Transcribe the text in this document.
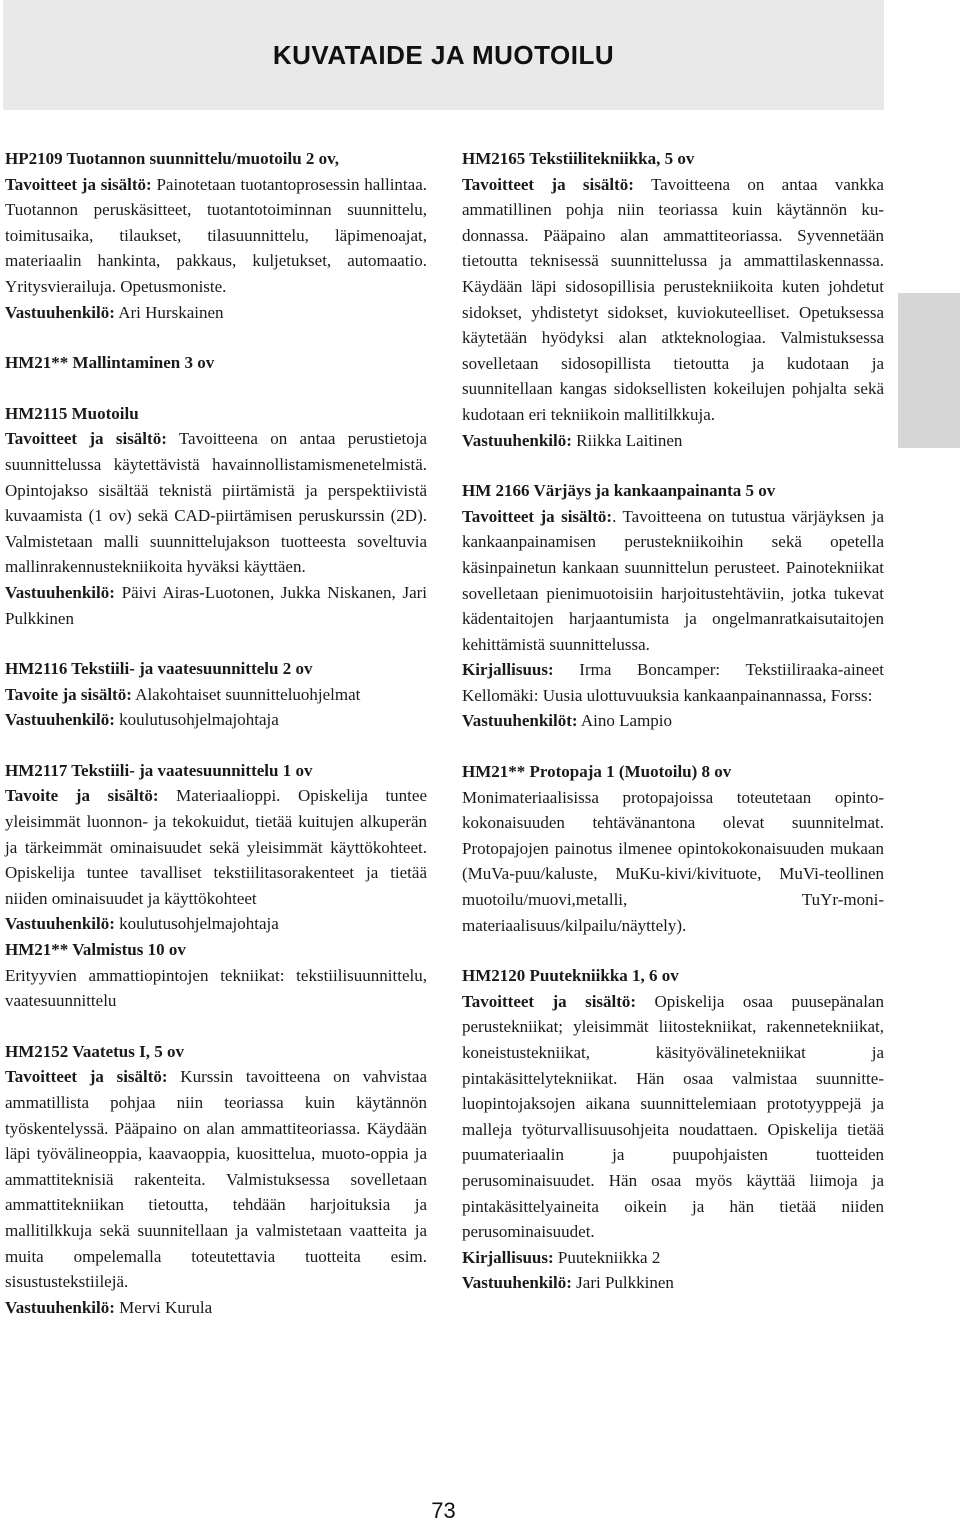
KUVATAIDE JA MUOTOILU
HP2109 Tuotannon suunnittelu/muotoilu 2 ov,
Tavoitteet ja sisältö: Painotetaan tuotantoprosessin hallintaa. Tuotannon peruskäsitteet, tuotantotoiminnan suunnittelu, toimitusaika, tilaukset, tilasuunnittelu, läpimenoajat, materiaalin hankinta, pakkaus, kuljetukset, automaatio. Yritysvierailuja. Opetusmoniste.
Vastuuhenkilö: Ari Hurskainen
HM21** Mallintaminen 3 ov
HM2115 Muotoilu
Tavoitteet ja sisältö: Tavoitteena on antaa perustietoja suunnittelussa käytettävistä havainnollistamismenetelmistä. Opintojakso sisältää teknistä piirtämistä ja perspektiivistä kuvaamista (1 ov) sekä CAD-piirtämisen peruskurssin (2D). Valmistetaan malli suunnittelujakson tuotteesta soveltuvia mallinrakennustekniikoita hyväksi käyttäen.
Vastuuhenkilö: Päivi Airas-Luotonen, Jukka Niskanen, Jari Pulkkinen
HM2116 Tekstiili- ja vaatesuunnittelu 2 ov
Tavoite ja sisältö: Alakohtaiset suunnitteluohjelmat
Vastuuhenkilö: koulutusohjelmajohtaja
HM2117 Tekstiili- ja vaatesuunnittelu 1 ov
Tavoite ja sisältö: Materiaalioppi. Opiskelija tuntee yleisimmät luonnon- ja tekokuidut, tietää kuitujen alkuperän ja tärkeimmät ominaisuudet sekä yleisimmät käyttökohteet. Opiskelija tuntee tavalliset tekstiilitasorakenteet ja tietää niiden ominaisuudet ja käyttökohteet
Vastuuhenkilö: koulutusohjelmajohtaja
HM21** Valmistus 10 ov
Erityyvien ammattiopintojen tekniikat: tekstiilisuunnittelu, vaatesuunnittelu
HM2152 Vaatetus I, 5 ov
Tavoitteet ja sisältö: Kurssin tavoitteena on vahvistaa ammatillista pohjaa niin teoriassa kuin käytännön työskentelyssä. Pääpaino on alan ammattiteoriassa. Käydään läpi työvälineoppia, kaavaoppia, kuosittelua, muoto-oppia ja ammattiteknisiä rakenteita. Valmistuksessa sovelletaan ammattitekniikan tietoutta, tehdään harjoituksia ja mallitilkkuja sekä suunnitellaan ja valmistetaan vaatteita ja muita ompelemalla toteutettavia tuotteita esim. sisustustekstiilejä.
Vastuuhenkilö: Mervi Kurula
HM2165 Tekstiilitekniikka, 5 ov
Tavoitteet ja sisältö: Tavoitteena on antaa vankka ammatillinen pohja niin teoriassa kuin käytännön kudonnassa. Pääpaino alan ammattiteoriassa. Syvennetään tietoutta teknisessä suunnittelussa ja ammattilaskennassa. Käydään läpi sidosopillisia perustekniikoita kuten johdetut sidokset, yhdistetyt sidokset, kuviokuteelliset. Opetuksessa käytetään hyödyksi alan atkteknologiaa. Valmistuksessa sovelletaan sidosopillista tietoutta ja kudotaan ja suunnitellaan kangas sidoksellisten kokeilujen pohjalta sekä kudotaan eri tekniikoin mallitilkkuja.
Vastuuhenkilö: Riikka Laitinen
HM 2166 Värjäys ja kankaanpainanta 5 ov
Tavoitteet ja sisältö:. Tavoitteena on tutustua värjäyksen ja kankaanpainamisen perustekniikoihin sekä opetella käsinpainetun kankaan suunnittelun perusteet. Painotekniikat sovelletaan pienimuotoisiin harjoitustehtäviin, jotka tukevat kädentaitojen harjaantumista ja ongelmanratkaisutaitojen kehittämistä suunnittelussa.
Kirjallisuus: Irma Boncamper: Tekstiiliraaka-aineet Kellomäki: Uusia ulottuvuuksia kankaanpainannassa, Forss:
Vastuuhenkilöt: Aino Lampio
HM21** Protopaja 1 (Muotoilu) 8 ov
Monimateriaalisissa protopajoissa toteutetaan opintokokonaisuuden tehtävänantona olevat suunnitelmat. Protopajojen painotus ilmenee opintokokonaisuuden mukaan (MuVa-puu/kaluste, MuKu-kivi/kivituote, MuVi-teollinen muotoilu/muovi,metalli, TuYr-monimateriaalisuus/kilpailu/näyttely).
HM2120 Puutekniikka 1, 6 ov
Tavoitteet ja sisältö: Opiskelija osaa puusepänalan perustekniikat; yleisimmät liitostekniikat, rakennetekniikat, koneistustekniikat, käsityövälinetekniikat ja pintakäsittelytekniikat. Hän osaa valmistaa suunnitteluopintojaksojen aikana suunnittelemiaan prototyyppejä ja malleja työturvallisuusohjeita noudattaen. Opiskelija tietää puumateriaalin ja puupohjaisten tuotteiden perusominaisuudet. Hän osaa myös käyttää liimoja ja pintakäsittelyaineita oikein ja hän tietää niiden perusominaisuudet.
Kirjallisuus: Puutekniikka 2
Vastuuhenkilö: Jari Pulkkinen
73
